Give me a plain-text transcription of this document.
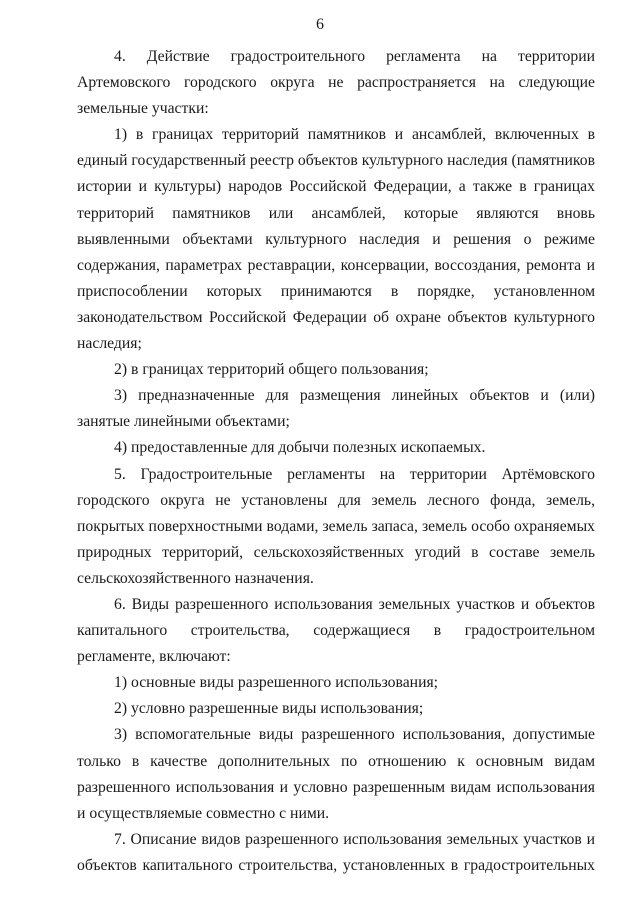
6

4. Действие градостроительного регламента на территории Артемовского городского округа не распространяется на следующие земельные участки:

1) в границах территорий памятников и ансамблей, включенных в единый государственный реестр объектов культурного наследия (памятников истории и культуры) народов Российской Федерации, а также в границах территорий памятников или ансамблей, которые являются вновь выявленными объектами культурного наследия и решения о режиме содержания, параметрах реставрации, консервации, воссоздания, ремонта и приспособлении которых принимаются в порядке, установленном законодательством Российской Федерации об охране объектов культурного наследия;

2) в границах территорий общего пользования;

3) предназначенные для размещения линейных объектов и (или) занятые линейными объектами;

4) предоставленные для добычи полезных ископаемых.

5. Градостроительные регламенты на территории Артёмовского городского округа не установлены для земель лесного фонда, земель, покрытых поверхностными водами, земель запаса, земель особо охраняемых природных территорий, сельскохозяйственных угодий в составе земель сельскохозяйственного назначения.

6. Виды разрешенного использования земельных участков и объектов капитального строительства, содержащиеся в градостроительном регламенте, включают:

1) основные виды разрешенного использования;

2) условно разрешенные виды использования;

3) вспомогательные виды разрешенного использования, допустимые только в качестве дополнительных по отношению к основным видам разрешенного использования и условно разрешенным видам использования и осуществляемые совместно с ними.

7. Описание видов разрешенного использования земельных участков и объектов капитального строительства, установленных в градостроительных
